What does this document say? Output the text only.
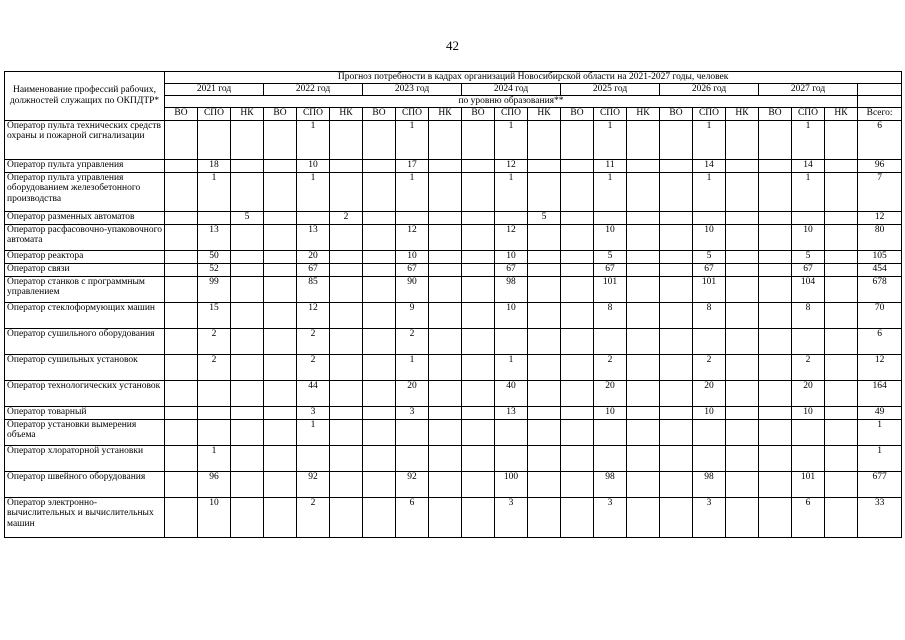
42
Наименование профессий рабочих, должностей служащих по ОКПДТР*	Прогноз потребности в кадрах организаций Новосибирской области на 2021-2027 годы, человек																					
	2021 год			2022 год			2023 год			2024 год			2025 год			2026 год			2027 год			
	по уровню образования**																					
	ВО	СПО	НК	ВО	СПО	НК	ВО	СПО	НК	ВО	СПО	НК	ВО	СПО	НК	ВО	СПО	НК	ВО	СПО	НК	Всего:
Оператор пульта технических средств охраны и пожарной сигнализации					1			1			1			1			1			1		6
Оператор пульта управления		18			10			17			12			11			14			14		96
Оператор пульта управления оборудованием железобетонного производства		1			1			1			1			1			1			1		7
Оператор разменных автоматов			5			2						5										12
Оператор расфасовочно-упаковочного автомата		13			13			12			12			10			10			10		80
Оператор реактора		50			20			10			10			5			5			5		105
Оператор связи		52			67			67			67			67			67			67		454
Оператор станков с программным управлением		99			85			90			98			101			101			104		678
Оператор стеклоформующих машин		15			12			9			10			8			8			8		70
Оператор сушильного оборудования		2			2			2														6
Оператор сушильных установок		2			2			1			1			2			2			2		12
Оператор технологических установок					44			20			40			20			20			20		164
Оператор товарный					3			3			13			10			10			10		49
Оператор установки вымерения объема					1																	1
Оператор хлораторной установки		1																				1
Оператор швейного оборудования		96			92			92			100			98			98			101		677
Оператор электронно-вычислительных и вычислительных машин		10			2			6			3			3			3			6		33
